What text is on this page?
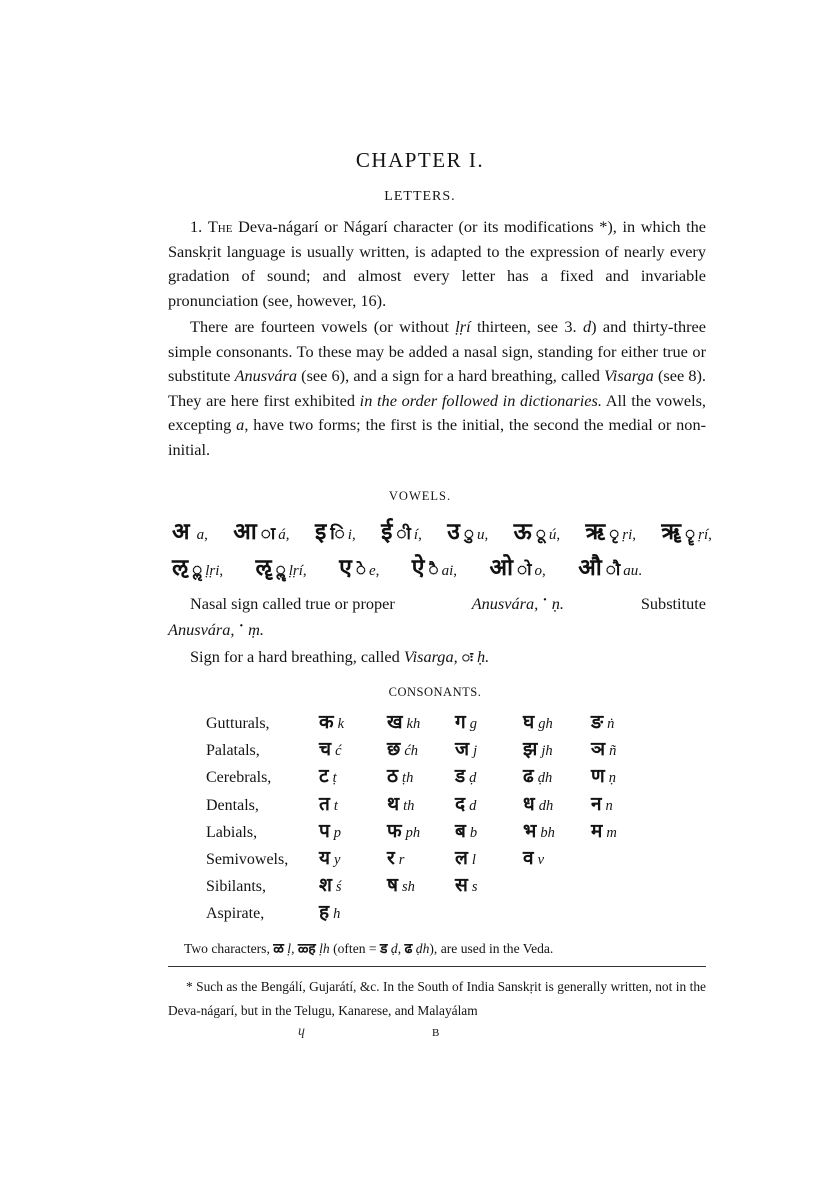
CHAPTER I.
LETTERS.

1. The Deva-nágarí or Nágarí character (or its modifications *), in which the Sanskṛit language is usually written, is adapted to the expression of nearly every gradation of sound; and almost every letter has a fixed and invariable pronunciation (see, however, 16).

There are fourteen vowels (or without ḷṛí thirteen, see 3. d) and thirty-three simple consonants. To these may be added a nasal sign, standing for either true or substitute Anusvára (see 6), and a sign for a hard breathing, called Visarga (see 8). They are here first exhibited in the order followed in dictionaries. All the vowels, excepting a, have two forms; the first is the initial, the second the medial or non-initial.

VOWELS.
अ a , आ ा á , इ ि i , ई ी í , उ ु u , ऊ ू ú , ऋ ृ ṛi , ॠ ॄ ṛí ,
ऌ ॢ ḷṛi , ॡ ॣ ḷṛí , ए े e , ऐ ै ai , ओ ो o , औ ौ au .
Nasal sign called true or proper	Anusvára, ˙ ṇ.	Substitute
Anusvára, ˙ ṃ.
Sign for a hard breathing, called Visarga, ः ḥ.
CONSONANTS.
Gutturals,	क k	ख kh	ग g	घ gh	ङ ṅ
Palatals,	च ć	छ ćh	ज j	झ jh	ञ ñ
Cerebrals,	ट ṭ	ठ ṭh	ड ḍ	ढ ḍh	ण ṇ
Dentals,	त t	थ th	द d	ध dh	न n
Labials,	प p	फ ph	ब b	भ bh	म m
Semivowels,	य y	र r	ल l	व v	
Sibilants,	श ś	ष sh	स s		
Aspirate,	ह h				
Two characters, ळ ḷ, ळ्ह ḷh (often = ड ḍ, ढ ḍh), are used in the Veda.

* Such as the Bengálí, Gujarátí, &c. In the South of India Sanskṛit is generally written, not in the Deva-nágarí, but in the Telugu, Kanarese, and Malayálam

ɥ	B
